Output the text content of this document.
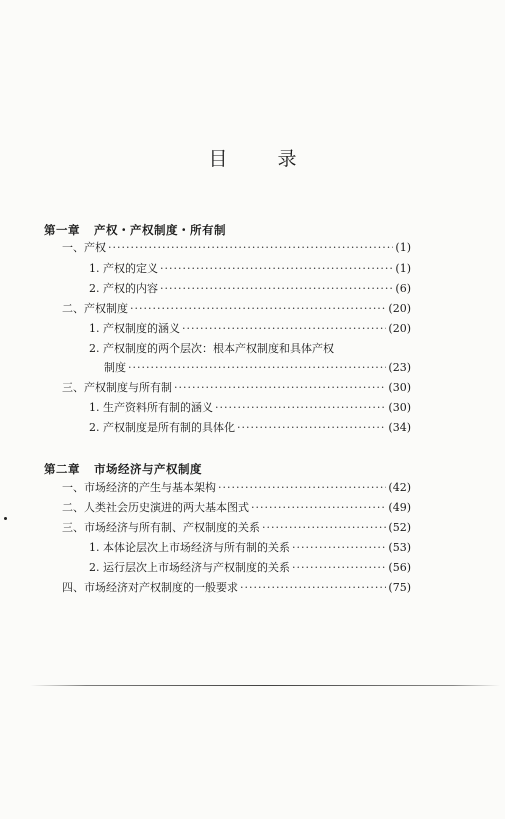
目 录
第一章 产权・产权制度・所有制
一、产权 ·····	(1)
1. 产权的定义 ·····	(1)
2. 产权的内容 ·····	(6)
二、产权制度 ·····	(20)
1. 产权制度的涵义 ·····	(20)
2. 产权制度的两个层次：根本产权制度和具体产权
制度 ·····	(23)
三、产权制度与所有制 ·····	(30)
1. 生产资料所有制的涵义 ·····	(30)
2. 产权制度是所有制的具体化 ·····	(34)
第二章 市场经济与产权制度
一、市场经济的产生与基本架构 ·····	(42)
二、人类社会历史演进的两大基本图式 ·····	(49)
三、市场经济与所有制、产权制度的关系 ·····	(52)
1. 本体论层次上市场经济与所有制的关系 ·····	(53)
2. 运行层次上市场经济与产权制度的关系 ·····	(56)
四、市场经济对产权制度的一般要求 ·····	(75)
